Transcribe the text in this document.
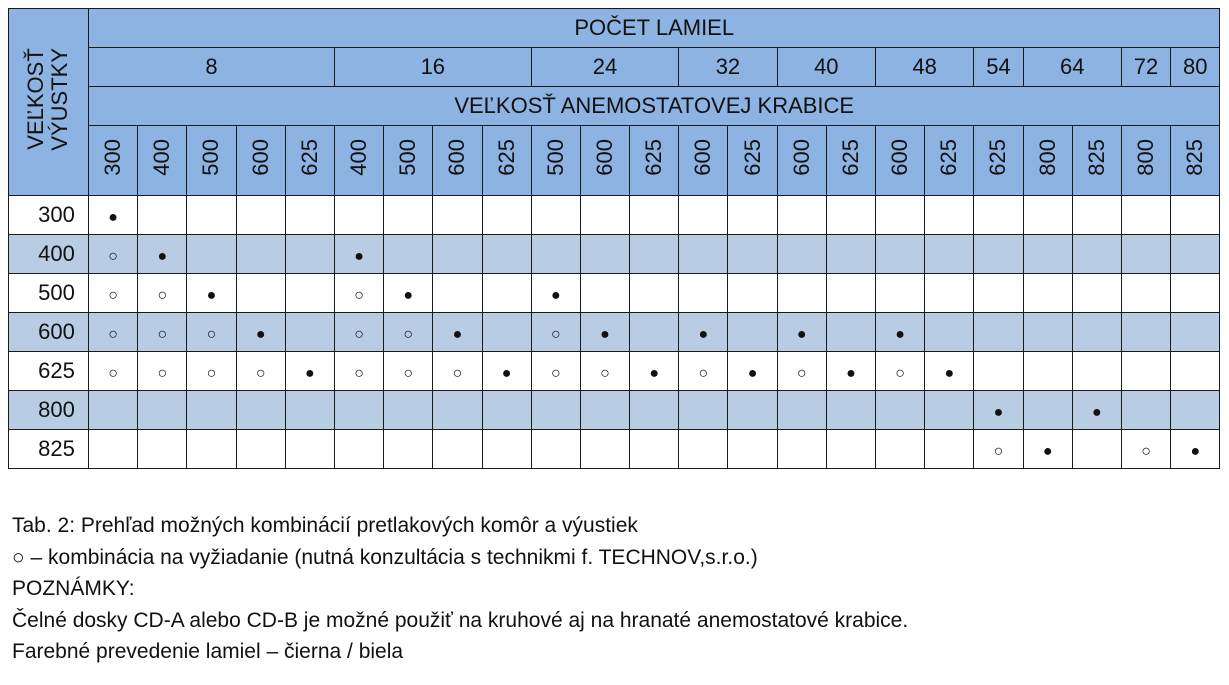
VEĽKOSŤ
VÝUSTKY	POČET LAMIEL																						
	8					16				24			32		40		48		54	64		72	80
	VEĽKOSŤ ANEMOSTATOVEJ KRABICE																						
	300	400	500	600	625	400	500	600	625	500	600	625	600	625	600	625	600	625	625	800	825	800	825
300	●																						
400	○	●				●																	
500	○	○	●			○	●			●													
600	○	○	○	●		○	○	●		○	●		●		●		●						
625	○	○	○	○	●	○	○	○	●	○	○	●	○	●	○	●	○	●					
800																			●		●		
825																			○	●		○	●
Tab. 2: Prehľad možných kombinácií pretlakových komôr a výustiek
○ – kombinácia na vyžiadanie (nutná konzultácia s technikmi f. TECHNOV,s.r.o.)
POZNÁMKY:
Čelné dosky CD-A alebo CD-B je možné použiť na kruhové aj na hranaté anemostatové krabice.
Farebné prevedenie lamiel – čierna / biela
